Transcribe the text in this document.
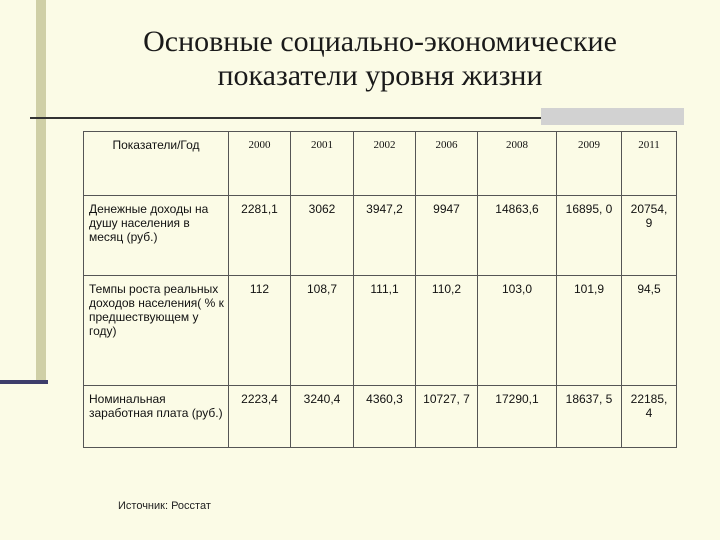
Основные социально-экономические показатели уровня жизни
Показатели/Год	2000	2001	2002	2006	2008	2009	2011
Денежные доходы на душу населения в месяц (руб.)	2281,1	3062	3947,2	9947	14863,6	16895, 0	20754, 9
Темпы роста реальных доходов населения( % к предшествующем у году)	112	108,7	111,1	110,2	103,0	101,9	94,5
Номинальная заработная плата (руб.)	2223,4	3240,4	4360,3	10727, 7	17290,1	18637, 5	22185, 4
Источник: Росстат
